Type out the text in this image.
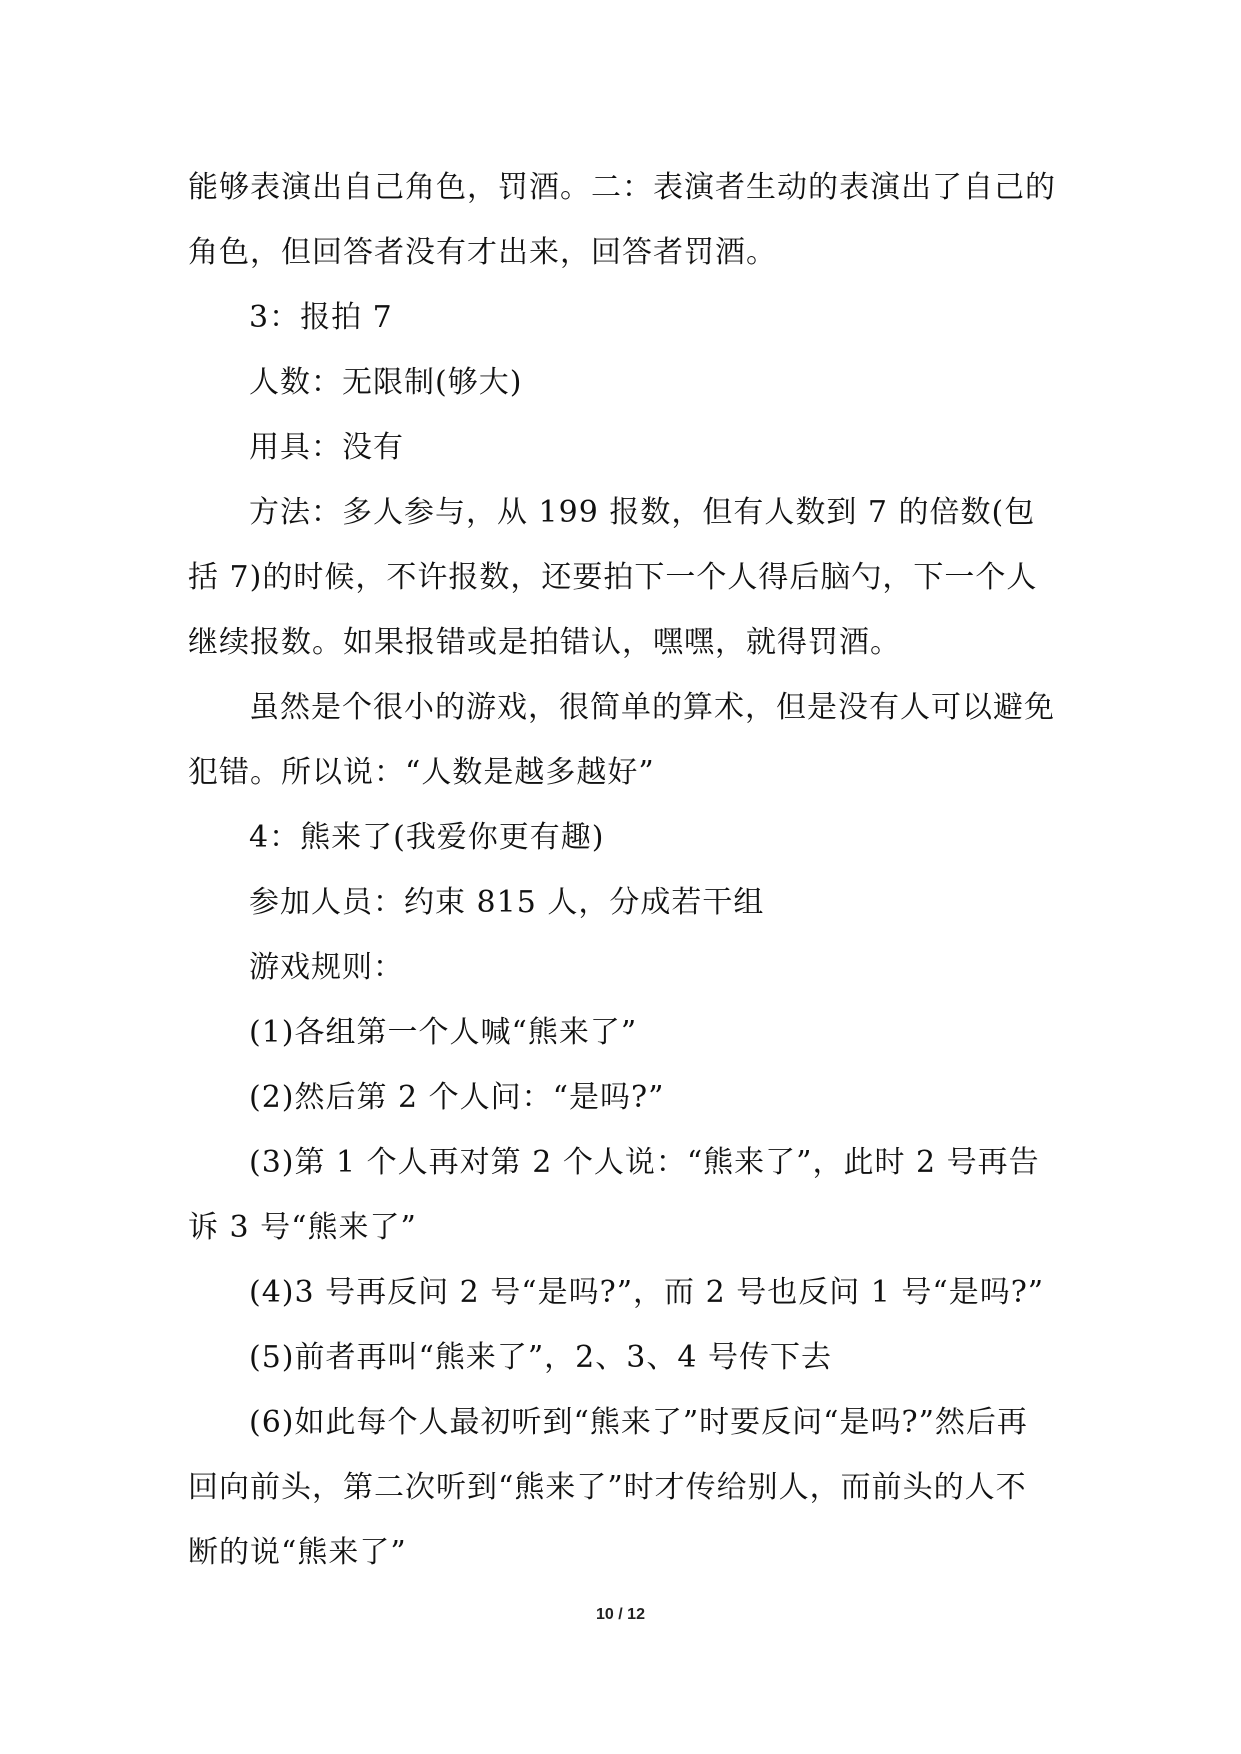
能够表演出自己角色，罚酒。二：表演者生动的表演出了自己的角色，但回答者没有才出来，回答者罚酒。

3：报拍 7

人数：无限制(够大)

用具：没有

方法：多人参与，从 199 报数，但有人数到 7 的倍数(包括 7)的时候，不许报数，还要拍下一个人得后脑勺，下一个人继续报数。如果报错或是拍错认，嘿嘿，就得罚酒。

虽然是个很小的游戏，很简单的算术，但是没有人可以避免犯错。所以说：“人数是越多越好”

4：熊来了(我爱你更有趣)

参加人员：约束 815 人，分成若干组

游戏规则：

(1)各组第一个人喊“熊来了”

(2)然后第 2 个人问：“是吗?”

(3)第 1 个人再对第 2 个人说：“熊来了”，此时 2 号再告诉 3 号“熊来了”

(4)3 号再反问 2 号“是吗?”，而 2 号也反问 1 号“是吗?”

(5)前者再叫“熊来了”，2、3、4 号传下去

(6)如此每个人最初听到“熊来了”时要反问“是吗?”然后再回向前头，第二次听到“熊来了”时才传给别人，而前头的人不断的说“熊来了”

10 / 12
